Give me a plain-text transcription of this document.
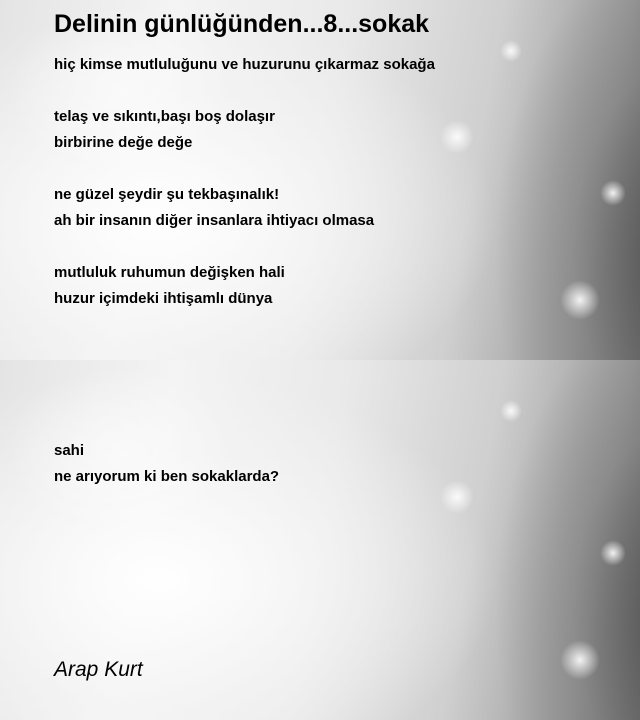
Delinin günlüğünden...8...sokak

hiç kimse mutluluğunu ve huzurunu çıkarmaz sokağa

telaş ve sıkıntı,başı boş dolaşır

birbirine değe değe

ne güzel şeydir şu tekbaşınalık!

ah bir insanın diğer insanlara ihtiyacı olmasa

mutluluk ruhumun değişken hali

huzur içimdeki ihtişamlı dünya

sahi

ne arıyorum ki ben sokaklarda?

Arap Kurt
